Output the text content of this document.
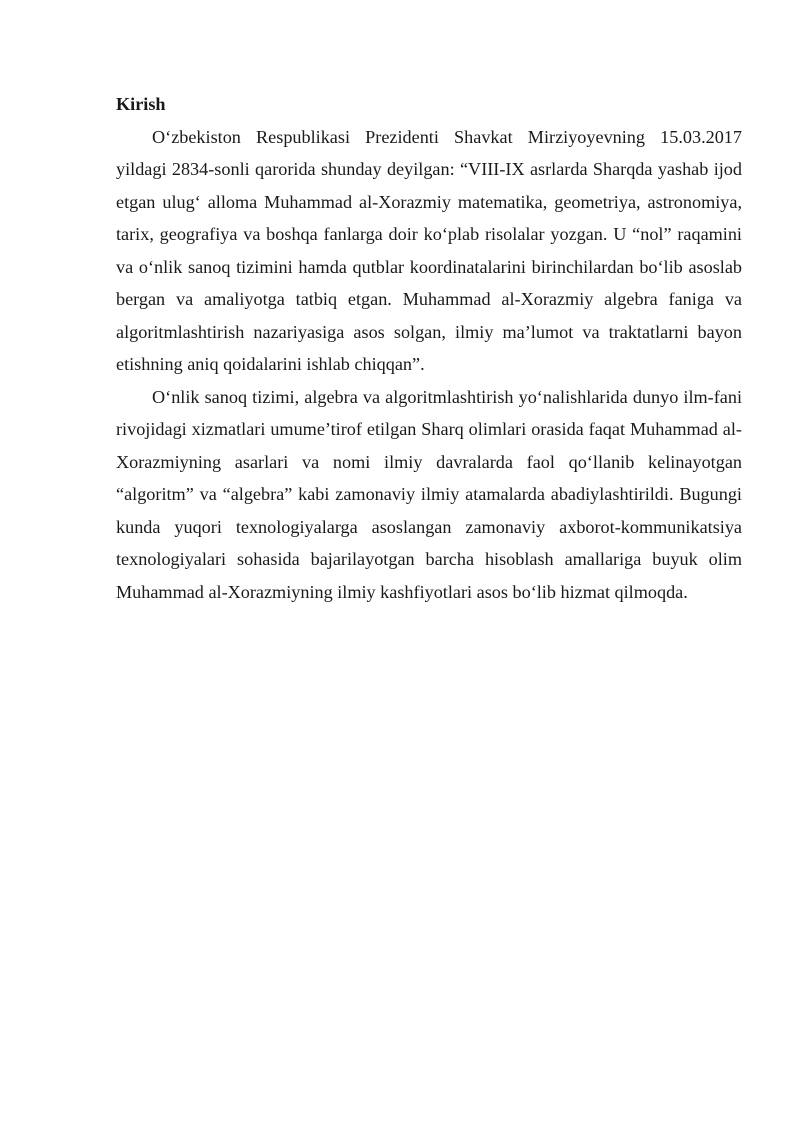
Kirish

O‘zbekiston Respublikasi Prezidenti Shavkat Mirziyoyevning 15.03.2017 yildagi 2834-sonli qarorida shunday deyilgan: “VIII-IX asrlarda Sharqda yashab ijod etgan ulug‘ alloma Muhammad al-Xorazmiy matematika, geometriya, astronomiya, tarix, geografiya va boshqa fanlarga doir ko‘plab risolalar yozgan. U “nol” raqamini va o‘nlik sanoq tizimini hamda qutblar koordinatalarini birinchilardan bo‘lib asoslab bergan va amaliyotga tatbiq etgan. Muhammad al-Xorazmiy algebra faniga va algoritmlashtirish nazariyasiga asos solgan, ilmiy ma’lumot va traktatlarni bayon etishning aniq qoidalarini ishlab chiqqan”.

O‘nlik sanoq tizimi, algebra va algoritmlashtirish yo‘nalishlarida dunyo ilm-fani rivojidagi xizmatlari umume’tirof etilgan Sharq olimlari orasida faqat Muhammad al-Xorazmiyning asarlari va nomi ilmiy davralarda faol qo‘llanib kelinayotgan “algoritm” va “algebra” kabi zamonaviy ilmiy atamalarda abadiylashtirildi. Bugungi kunda yuqori texnologiyalarga asoslangan zamonaviy axborot-kommunikatsiya texnologiyalari sohasida bajarilayotgan barcha hisoblash amallariga buyuk olim Muhammad al-Xorazmiyning ilmiy kashfiyotlari asos bo‘lib hizmat qilmoqda.
